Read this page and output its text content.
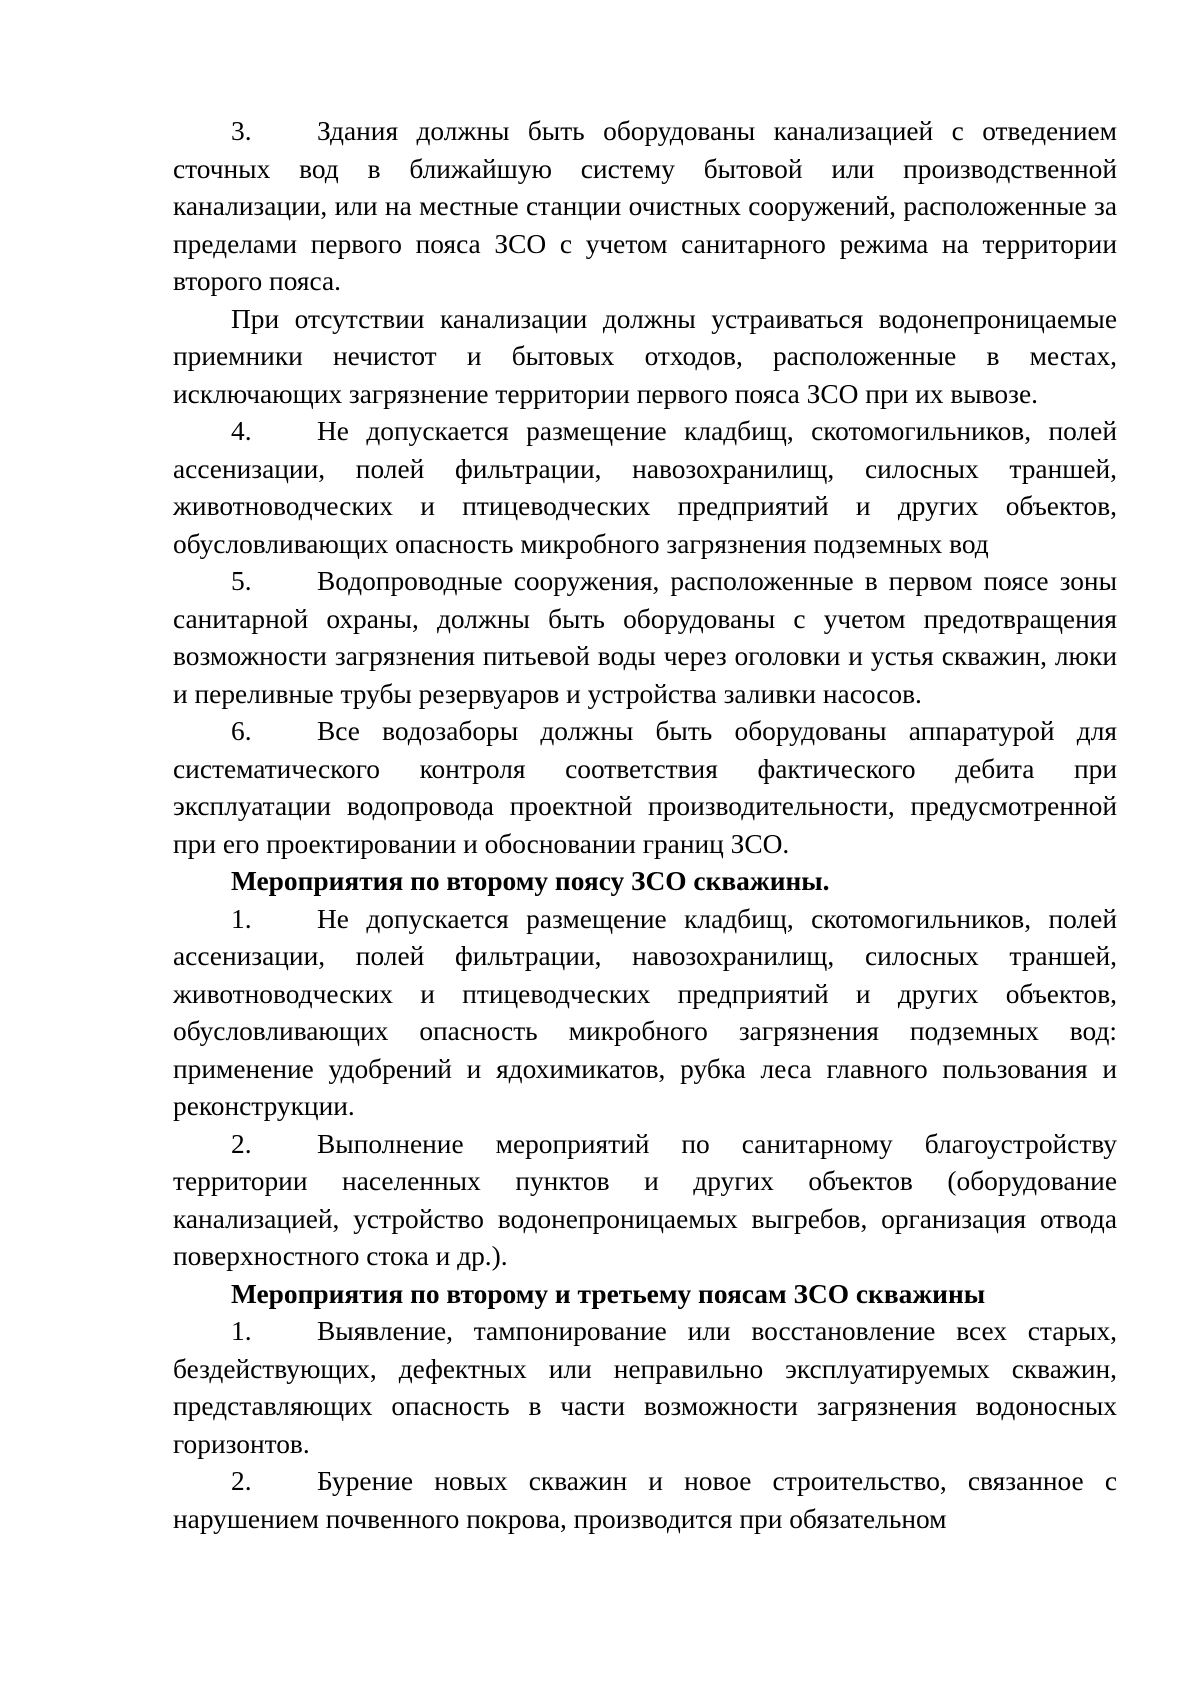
3. Здания должны быть оборудованы канализацией с отведением сточных вод в ближайшую систему бытовой или производственной канализации, или на местные станции очистных сооружений, расположенные за пределами первого пояса ЗСО с учетом санитарного режима на территории второго пояса.

При отсутствии канализации должны устраиваться водонепроницаемые приемники нечистот и бытовых отходов, расположенные в местах, исключающих загрязнение территории первого пояса ЗСО при их вывозе.

4. Не допускается размещение кладбищ, скотомогильников, полей ассенизации, полей фильтрации, навозохранилищ, силосных траншей, животноводческих и птицеводческих предприятий и других объектов, обусловливающих опасность микробного загрязнения подземных вод

5. Водопроводные сооружения, расположенные в первом поясе зоны санитарной охраны, должны быть оборудованы с учетом предотвращения возможности загрязнения питьевой воды через оголовки и устья скважин, люки и переливные трубы резервуаров и устройства заливки насосов.

6. Все водозаборы должны быть оборудованы аппаратурой для систематического контроля соответствия фактического дебита при эксплуатации водопровода проектной производительности, предусмотренной при его проектировании и обосновании границ ЗСО.

Мероприятия по второму поясу ЗСО скважины.

1. Не допускается размещение кладбищ, скотомогильников, полей ассенизации, полей фильтрации, навозохранилищ, силосных траншей, животноводческих и птицеводческих предприятий и других объектов, обусловливающих опасность микробного загрязнения подземных вод: применение удобрений и ядохимикатов, рубка леса главного пользования и реконструкции.

2. Выполнение мероприятий по санитарному благоустройству территории населенных пунктов и других объектов (оборудование канализацией, устройство водонепроницаемых выгребов, организация отвода поверхностного стока и др.).

Мероприятия по второму и третьему поясам ЗСО скважины

1. Выявление, тампонирование или восстановление всех старых, бездействующих, дефектных или неправильно эксплуатируемых скважин, представляющих опасность в части возможности загрязнения водоносных горизонтов.

2. Бурение новых скважин и новое строительство, связанное с нарушением почвенного покрова, производится при обязательном
